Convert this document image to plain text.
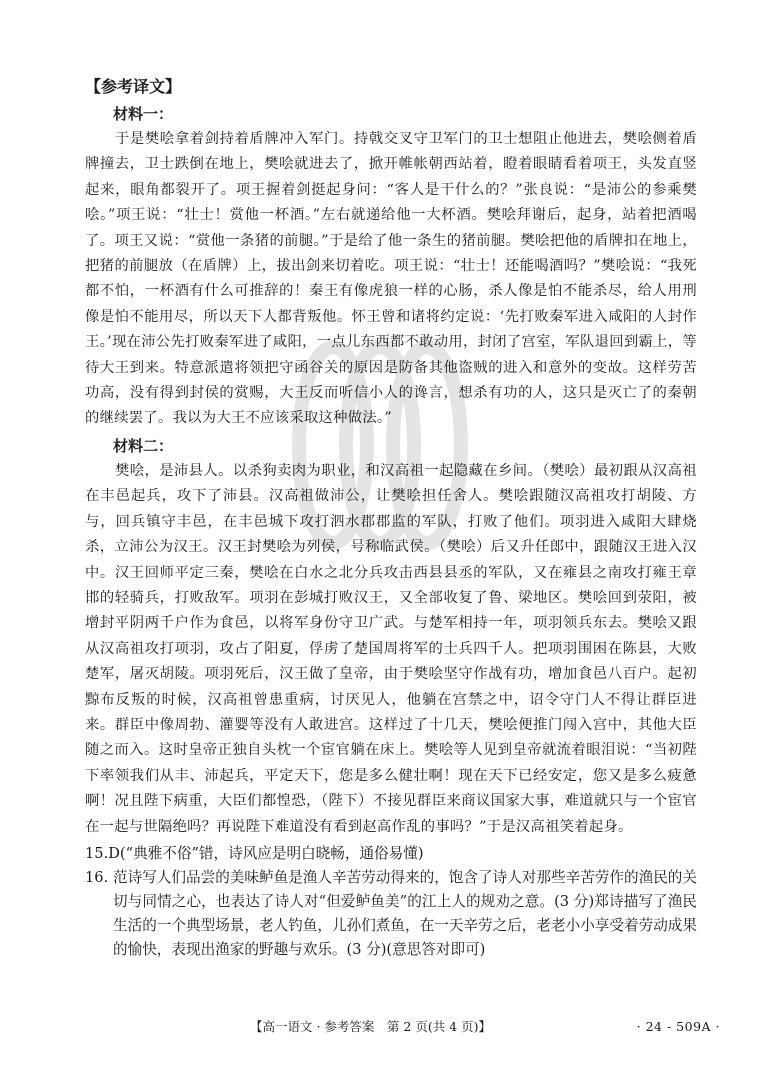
【参考译文】

材料一：

于是樊哙拿着剑持着盾牌冲入军门。持戟交叉守卫军门的卫士想阻止他进去，樊哙侧着盾牌撞去，卫士跌倒在地上，樊哙就进去了，掀开帷帐朝西站着，瞪着眼睛看着项王，头发直竖起来，眼角都裂开了。项王握着剑挺起身问：“客人是干什么的？”张良说：“是沛公的参乘樊哙。”项王说：“壮士！赏他一杯酒。”左右就递给他一大杯酒。樊哙拜谢后，起身，站着把酒喝了。项王又说：“赏他一条猪的前腿。”于是给了他一条生的猪前腿。樊哙把他的盾牌扣在地上，把猪的前腿放（在盾牌）上，拔出剑来切着吃。项王说：“壮士！还能喝酒吗？”樊哙说：“我死都不怕，一杯酒有什么可推辞的！秦王有像虎狼一样的心肠，杀人像是怕不能杀尽，给人用刑像是怕不能用尽，所以天下人都背叛他。怀王曾和诸将约定说：‘先打败秦军进入咸阳的人封作王。’现在沛公先打败秦军进了咸阳，一点儿东西都不敢动用，封闭了宫室，军队退回到霸上，等待大王到来。特意派遣将领把守函谷关的原因是防备其他盗贼的进入和意外的变故。这样劳苦功高，没有得到封侯的赏赐，大王反而听信小人的谗言，想杀有功的人，这只是灭亡了的秦朝的继续罢了。我以为大王不应该采取这种做法。”

材料二：

樊哙，是沛县人。以杀狗卖肉为职业，和汉高祖一起隐藏在乡间。（樊哙）最初跟从汉高祖在丰邑起兵，攻下了沛县。汉高祖做沛公，让樊哙担任舍人。樊哙跟随汉高祖攻打胡陵、方与，回兵镇守丰邑，在丰邑城下攻打泗水郡郡监的军队，打败了他们。项羽进入咸阳大肆烧杀，立沛公为汉王。汉王封樊哙为列侯，号称临武侯。（樊哙）后又升任郎中，跟随汉王进入汉中。汉王回师平定三秦，樊哙在白水之北分兵攻击西县县丞的军队，又在雍县之南攻打雍王章邯的轻骑兵，打败敌军。项羽在彭城打败汉王，又全部收复了鲁、梁地区。樊哙回到荥阳，被增封平阴两千户作为食邑，以将军身份守卫广武。与楚军相持一年，项羽领兵东去。樊哙又跟从汉高祖攻打项羽，攻占了阳夏，俘虏了楚国周将军的士兵四千人。把项羽围困在陈县，大败楚军，屠灭胡陵。项羽死后，汉王做了皇帝，由于樊哙坚守作战有功，增加食邑八百户。起初黥布反叛的时候，汉高祖曾患重病，讨厌见人，他躺在宫禁之中，诏令守门人不得让群臣进来。群臣中像周勃、灌婴等没有人敢进宫。这样过了十几天，樊哙便推门闯入宫中，其他大臣随之而入。这时皇帝正独自头枕一个宦官躺在床上。樊哙等人见到皇帝就流着眼泪说：“当初陛下率领我们从丰、沛起兵，平定天下，您是多么健壮啊！现在天下已经安定，您又是多么疲惫啊！况且陛下病重，大臣们都惶恐，（陛下）不接见群臣来商议国家大事，难道就只与一个宦官在一起与世隔绝吗？再说陛下难道没有看到赵高作乱的事吗？”于是汉高祖笑着起身。

15.D(“典雅不俗”错，诗风应是明白晓畅，通俗易懂)

16. 范诗写人们品尝的美味鲈鱼是渔人辛苦劳动得来的，饱含了诗人对那些辛苦劳作的渔民的关切与同情之心，也表达了诗人对“但爱鲈鱼美”的江上人的规劝之意。(3 分)郑诗描写了渔民生活的一个典型场景，老人钓鱼，儿孙们煮鱼，在一天辛劳之后，老老小小享受着劳动成果的愉快，表现出渔家的野趣与欢乐。(3 分)(意思答对即可)

【高一语文 · 参考答案　第 2 页(共 4 页)】	· 24 - 509A ·
